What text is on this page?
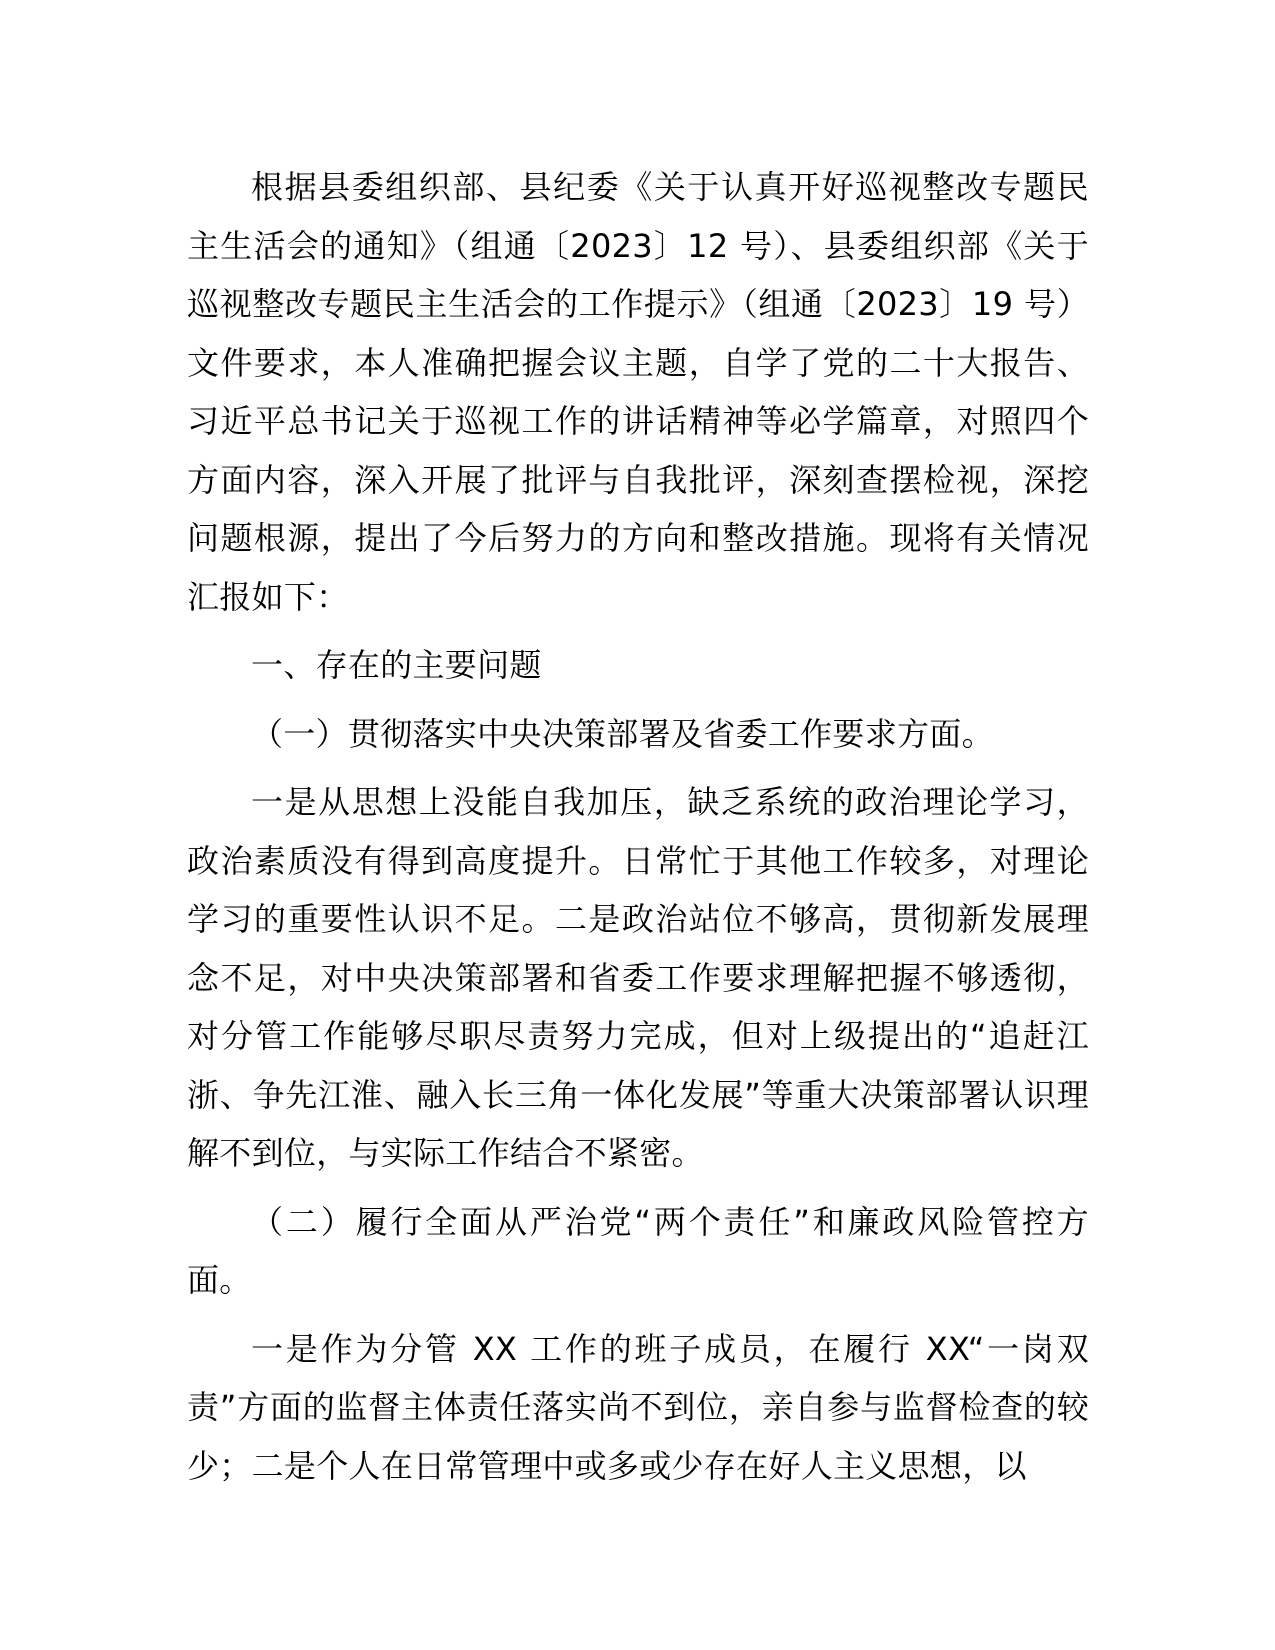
根据县委组织部、县纪委《关于认真开好巡视整改专题民主生活会的通知》（组通〔2023〕12 号）、县委组织部《关于巡视整改专题民主生活会的工作提示》（组通〔2023〕19 号）文件要求，本人准确把握会议主题，自学了党的二十大报告、习近平总书记关于巡视工作的讲话精神等必学篇章，对照四个方面内容，深入开展了批评与自我批评，深刻查摆检视，深挖问题根源，提出了今后努力的方向和整改措施。现将有关情况汇报如下：

一、存在的主要问题

（一）贯彻落实中央决策部署及省委工作要求方面。

一是从思想上没能自我加压，缺乏系统的政治理论学习，政治素质没有得到高度提升。日常忙于其他工作较多，对理论学习的重要性认识不足。二是政治站位不够高，贯彻新发展理念不足，对中央决策部署和省委工作要求理解把握不够透彻，对分管工作能够尽职尽责努力完成，但对上级提出的“追赶江浙、争先江淮、融入长三角一体化发展”等重大决策部署认识理解不到位，与实际工作结合不紧密。

（二）履行全面从严治党“两个责任”和廉政风险管控方面。

一是作为分管 XX 工作的班子成员，在履行 XX“一岗双责”方面的监督主体责任落实尚不到位，亲自参与监督检查的较少；二是个人在日常管理中或多或少存在好人主义思想，以
